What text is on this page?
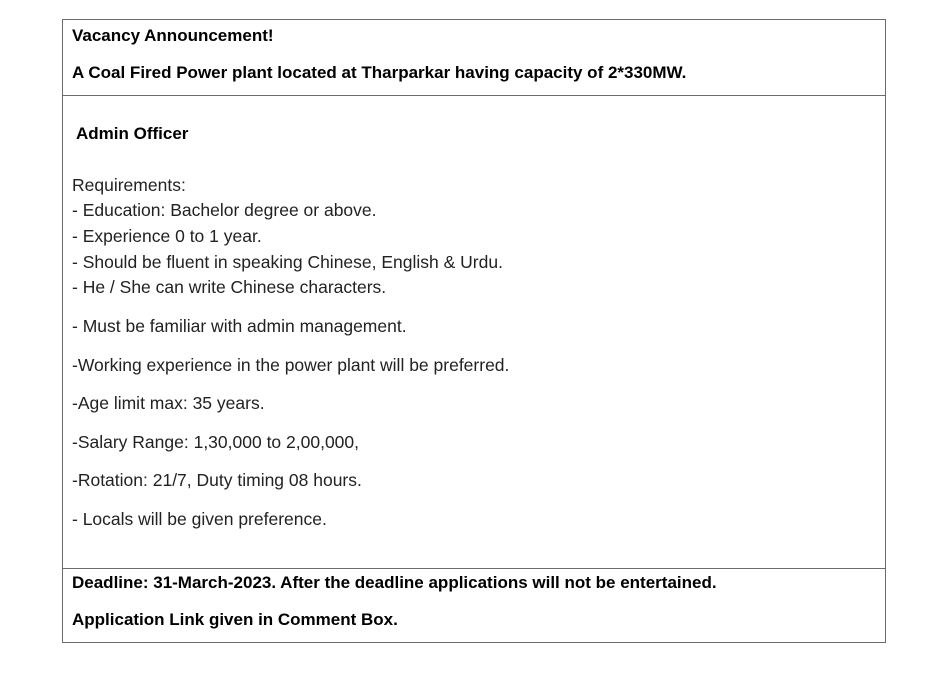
Vacancy Announcement!
A Coal Fired Power plant located at Tharparkar having capacity of 2*330MW.
Admin Officer
Requirements:
- Education: Bachelor degree or above.
- Experience 0 to 1 year.
- Should be fluent in speaking Chinese, English & Urdu.
- He / She can write Chinese characters.
- Must be familiar with admin management.
-Working experience in the power plant will be preferred.
-Age limit max: 35 years.
-Salary Range: 1,30,000 to 2,00,000,
-Rotation: 21/7, Duty timing 08 hours.
- Locals will be given preference.
Deadline: 31-March-2023. After the deadline applications will not be entertained.
Application Link given in Comment Box.
